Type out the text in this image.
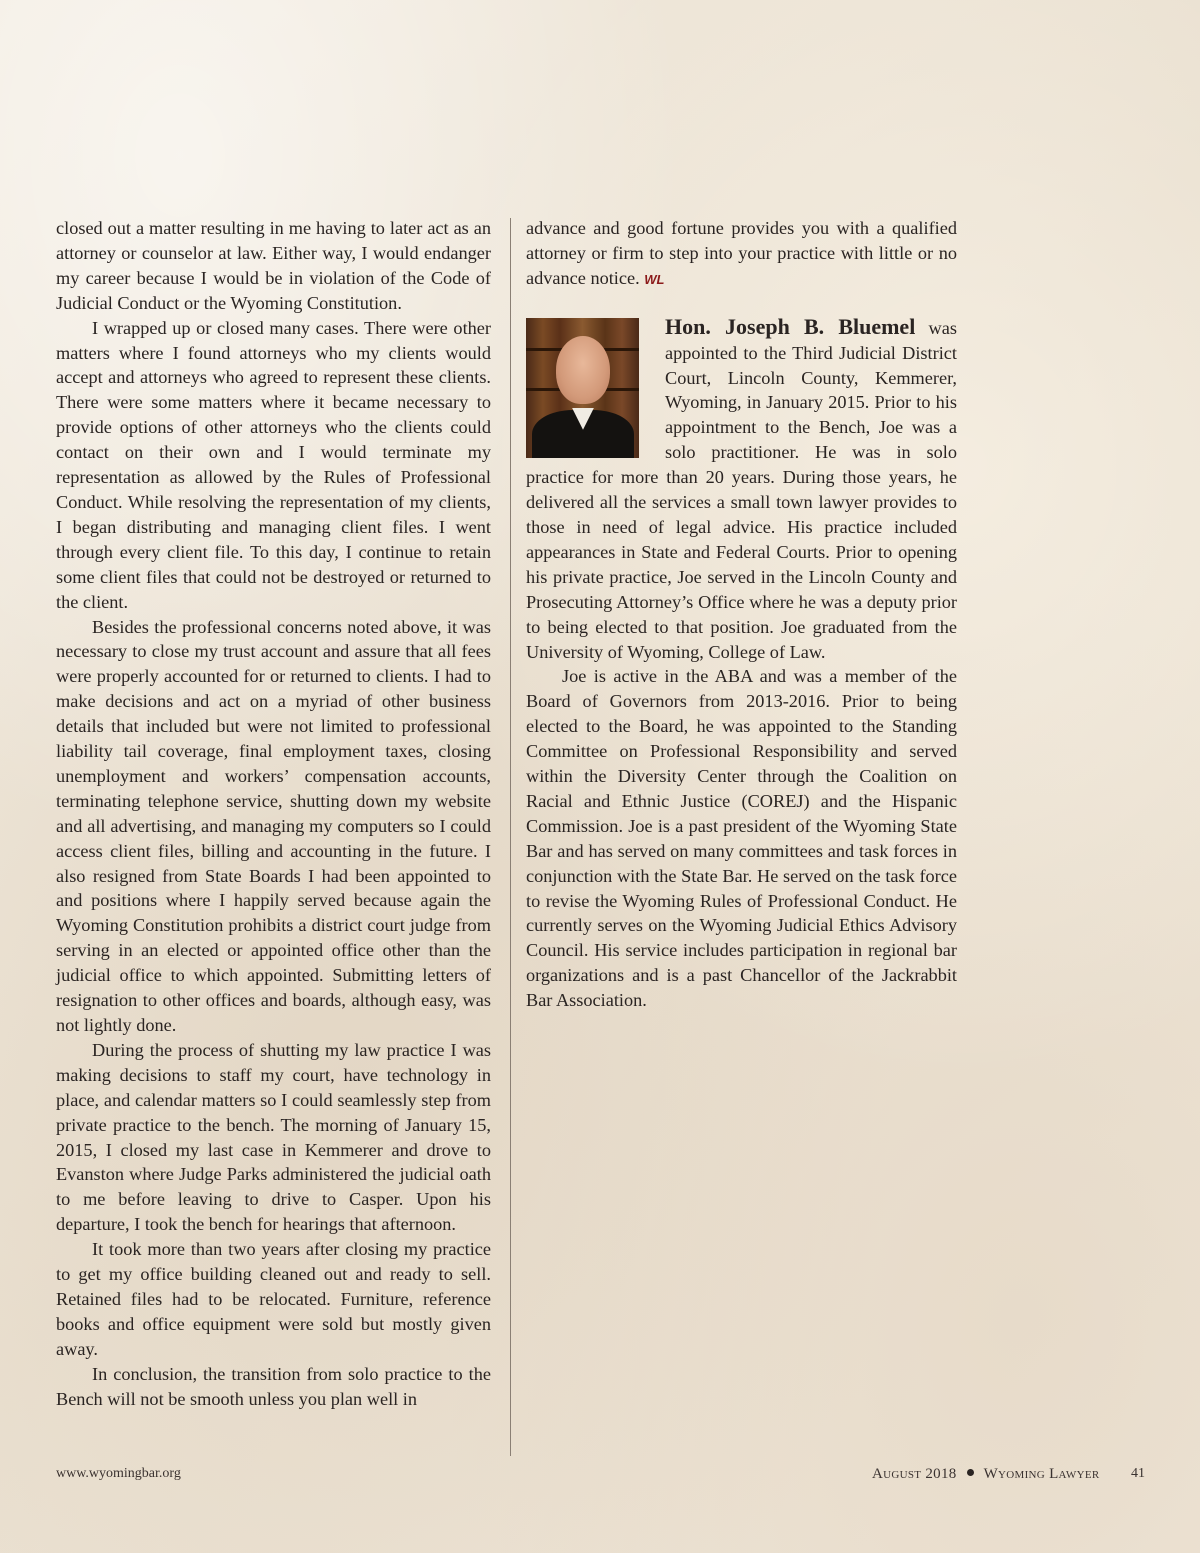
closed out a matter resulting in me having to later act as an attorney or counselor at law. Either way, I would endanger my career because I would be in violation of the Code of Judicial Conduct or the Wyoming Constitution.

I wrapped up or closed many cases. There were other matters where I found attorneys who my clients would accept and attorneys who agreed to represent these clients. There were some matters where it became necessary to provide options of other attorneys who the clients could contact on their own and I would terminate my representation as allowed by the Rules of Professional Conduct. While resolving the representation of my clients, I began distributing and managing client files. I went through every client file. To this day, I continue to retain some client files that could not be destroyed or returned to the client.

Besides the professional concerns noted above, it was necessary to close my trust account and assure that all fees were properly accounted for or returned to clients. I had to make decisions and act on a myriad of other business details that included but were not limited to professional liability tail coverage, final employment taxes, closing unemployment and workers’ compensation accounts, terminating telephone service, shutting down my website and all advertising, and managing my computers so I could access client files, billing and accounting in the future. I also resigned from State Boards I had been appointed to and positions where I happily served because again the Wyoming Constitution prohibits a district court judge from serving in an elected or appointed office other than the judicial office to which appointed. Submitting letters of resignation to other offices and boards, although easy, was not lightly done.

During the process of shutting my law practice I was making decisions to staff my court, have technology in place, and calendar matters so I could seamlessly step from private practice to the bench. The morning of January 15, 2015, I closed my last case in Kemmerer and drove to Evanston where Judge Parks administered the judicial oath to me before leaving to drive to Casper. Upon his departure, I took the bench for hearings that afternoon.

It took more than two years after closing my practice to get my office building cleaned out and ready to sell. Retained files had to be relocated. Furniture, reference books and office equipment were sold but mostly given away.

In conclusion, the transition from solo practice to the Bench will not be smooth unless you plan well in

advance and good fortune provides you with a qualified attorney or firm to step into your practice with little or no advance notice. WL

Hon. Joseph B. Bluemel was appointed to the Third Judicial District Court, Lincoln County, Kemmerer, Wyoming, in January 2015. Prior to his appointment to the Bench, Joe was a solo practitioner. He was in solo practice for more than 20 years. During those years, he delivered all the services a small town lawyer provides to those in need of legal advice. His practice included appearances in State and Federal Courts. Prior to opening his private practice, Joe served in the Lincoln County and Prosecuting Attorney’s Office where he was a deputy prior to being elected to that position. Joe graduated from the University of Wyoming, College of Law.

Joe is active in the ABA and was a member of the Board of Governors from 2013-2016. Prior to being elected to the Board, he was appointed to the Standing Committee on Professional Responsibility and served within the Diversity Center through the Coalition on Racial and Ethnic Justice (COREJ) and the Hispanic Commission. Joe is a past president of the Wyoming State Bar and has served on many committees and task forces in conjunction with the State Bar. He served on the task force to revise the Wyoming Rules of Professional Conduct. He currently serves on the Wyoming Judicial Ethics Advisory Council. His service includes participation in regional bar organizations and is a past Chancellor of the Jackrabbit Bar Association.

www.wyomingbar.org	August 2018 Wyoming Lawyer 41
